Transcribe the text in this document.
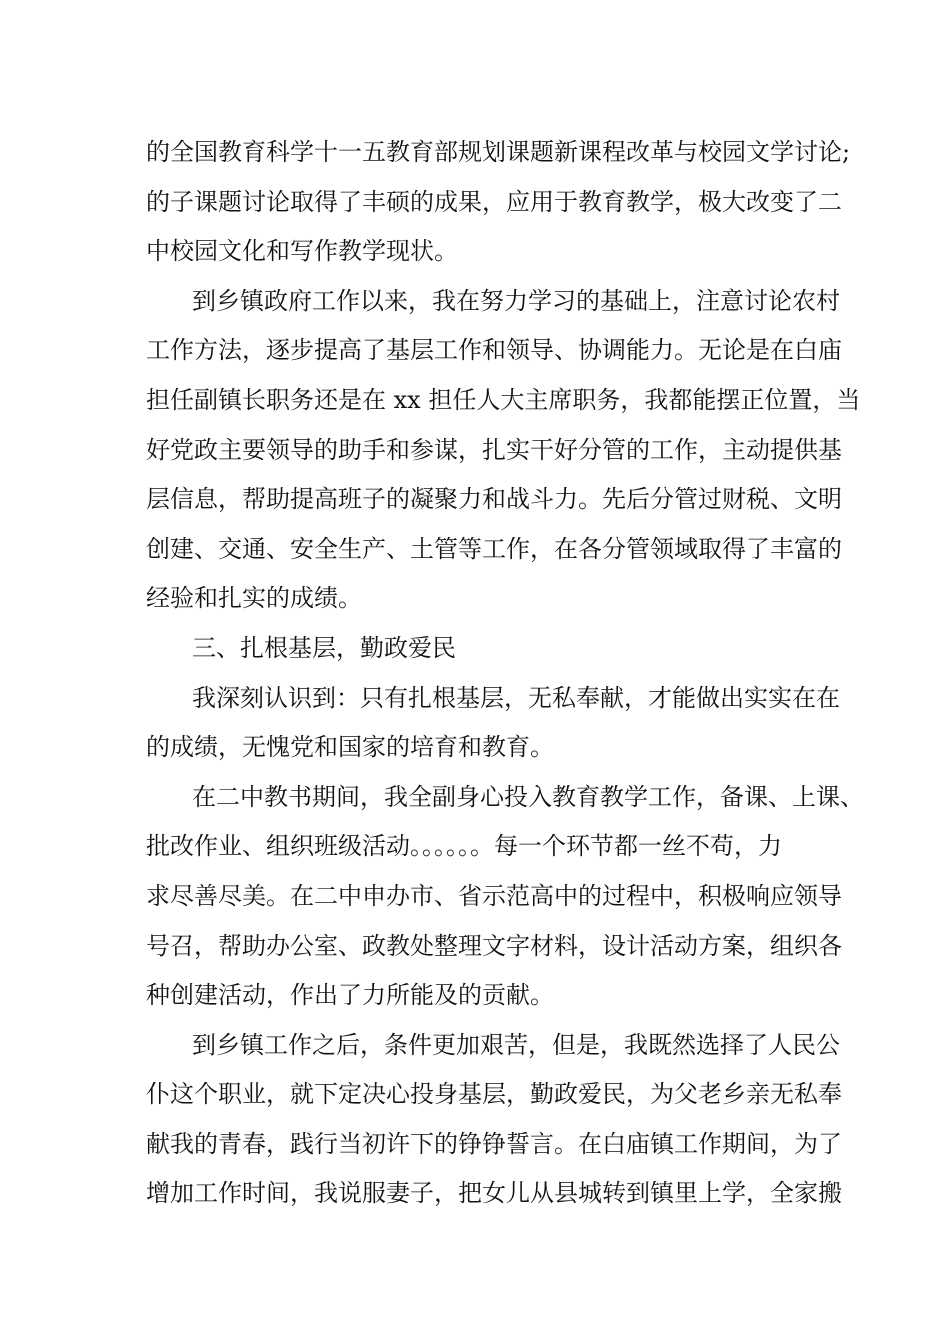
的全国教育科学十一五教育部规划课题新课程改革与校园文学讨论;
的子课题讨论取得了丰硕的成果，应用于教育教学，极大改变了二
中校园文化和写作教学现状。

到乡镇政府工作以来，我在努力学习的基础上，注意讨论农村
工作方法，逐步提高了基层工作和领导、协调能力。无论是在白庙
担任副镇长职务还是在 xx 担任人大主席职务，我都能摆正位置，当
好党政主要领导的助手和参谋，扎实干好分管的工作，主动提供基
层信息，帮助提高班子的凝聚力和战斗力。先后分管过财税、文明
创建、交通、安全生产、土管等工作，在各分管领域取得了丰富的
经验和扎实的成绩。

三、扎根基层，勤政爱民

我深刻认识到：只有扎根基层，无私奉献，才能做出实实在在
的成绩，无愧党和国家的培育和教育。

在二中教书期间，我全副身心投入教育教学工作，备课、上课、
批改作业、组织班级活动。。。。。。每一个环节都一丝不苟，力
求尽善尽美。在二中申办市、省示范高中的过程中，积极响应领导
号召，帮助办公室、政教处整理文字材料，设计活动方案，组织各
种创建活动，作出了力所能及的贡献。

到乡镇工作之后，条件更加艰苦，但是，我既然选择了人民公
仆这个职业，就下定决心投身基层，勤政爱民，为父老乡亲无私奉
献我的青春，践行当初许下的铮铮誓言。在白庙镇工作期间，为了
增加工作时间，我说服妻子，把女儿从县城转到镇里上学，全家搬
